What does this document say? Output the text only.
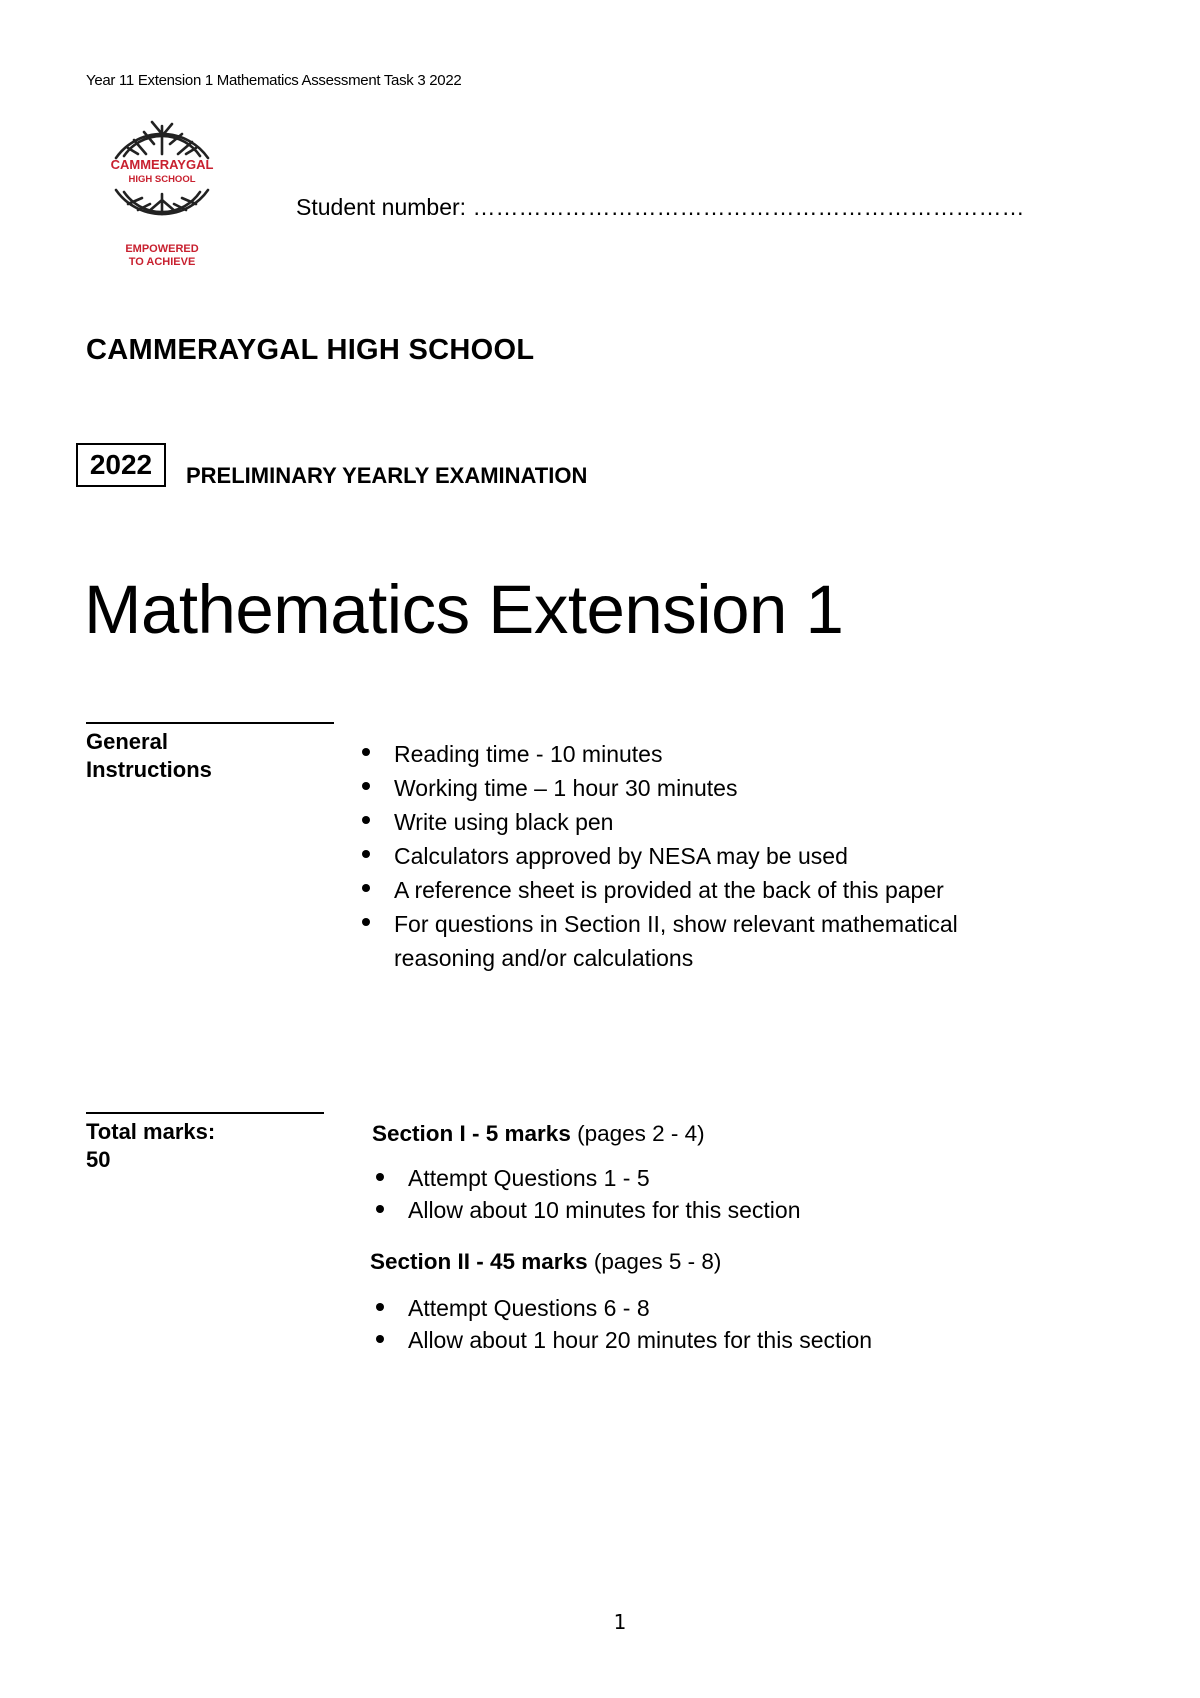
Year 11 Extension 1 Mathematics Assessment Task 3 2022
CAMMERAYGAL
HIGH SCHOOL
EMPOWERED
TO ACHIEVE
Student number: ………………………………………………………………
CAMMERAYGAL HIGH SCHOOL
2022	PRELIMINARY YEARLY EXAMINATION
Mathematics Extension 1
General
Instructions
Reading time - 10 minutes
Working time – 1 hour 30 minutes
Write using black pen
Calculators approved by NESA may be used
A reference sheet is provided at the back of this paper
For questions in Section II, show relevant mathematical reasoning and/or calculations
Total marks:
50
Section I - 5 marks (pages 2 - 4)
Attempt Questions 1 - 5
Allow about 10 minutes for this section
Section II - 45 marks (pages 5 - 8)
Attempt Questions 6 - 8
Allow about 1 hour 20 minutes for this section
1
